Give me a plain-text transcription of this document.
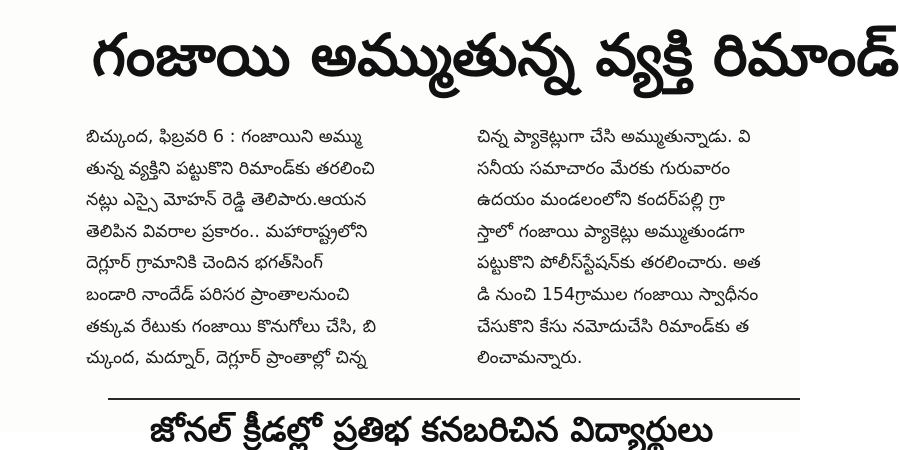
గంజాయి అమ్ముతున్న వ్యక్తి రిమాండ్
బిచ్కుంద, ఫిబ్రవరి 6 : గంజాయిని అమ్ము
తున్న వ్యక్తిని పట్టుకొని రిమాండ్‌కు తరలించి
నట్లు ఎస్సై మోహన్ రెడ్డి తెలిపారు.ఆయన
తెలిపిన వివరాల ప్రకారం.. మహారాష్ట్రలోని
దెగ్లూర్ గ్రామానికి చెందిన భగత్‌సింగ్
బండారి నాందేడ్ పరిసర ప్రాంతాలనుంచి
తక్కువ రేటుకు గంజాయి కొనుగోలు చేసి, బి
చ్కుంద, మద్నూర్, దెగ్లూర్ ప్రాంతాల్లో చిన్న
చిన్న ప్యాకెట్లుగా చేసి అమ్ముతున్నాడు. వి
సనీయ సమాచారం మేరకు గురువారం
ఉదయం మండలంలోని కందర్‌పల్లి గ్రా
స్తాలో గంజాయి ప్యాకెట్లు అమ్ముతుండగా
పట్టుకొని పోలీస్‌స్టేషన్‌కు తరలించారు. అత
డి నుంచి 154గ్రాముల గంజాయి స్వాధీనం
చేసుకొని కేసు నమోదుచేసి రిమాండ్‌కు త
లించామన్నారు.
జోనల్ క్రీడల్లో ప్రతిభ కనబరిచిన విద్యార్థులు
